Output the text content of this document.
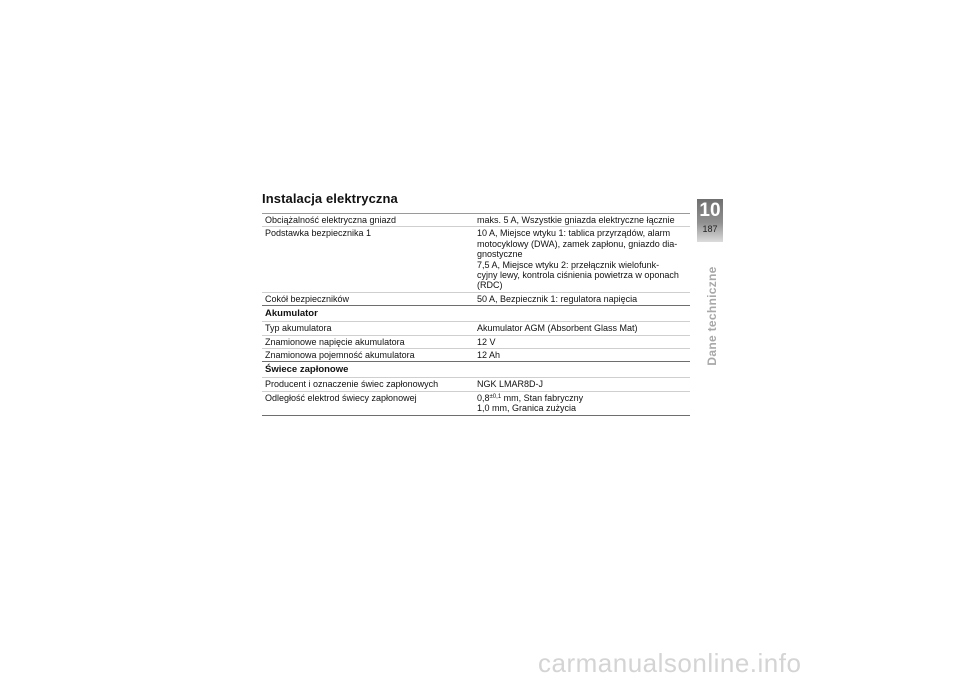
Instalacja elektryczna
Obciążalność elektryczna gniazd	maks. 5 A, Wszystkie gniazda elektryczne łącznie
Podstawka bezpiecznika 1	10 A, Miejsce wtyku 1: tablica przyrządów, alarm
motocyklowy (DWA), zamek zapłonu, gniazdo dia-
gnostyczne
7,5 A, Miejsce wtyku 2: przełącznik wielofunk-
cyjny lewy, kontrola ciśnienia powietrza w oponach
(RDC)
Cokół bezpieczników	50 A, Bezpiecznik 1: regulatora napięcia
Akumulator
Typ akumulatora	Akumulator AGM (Absorbent Glass Mat)
Znamionowe napięcie akumulatora	12 V
Znamionowa pojemność akumulatora	12 Ah
Świece zapłonowe
Producent i oznaczenie świec zapłonowych	NGK LMAR8D-J
Odległość elektrod świecy zapłonowej	$0,8^{\pm 0,1}$ mm, Stan fabryczny
1,0 mm, Granica zużycia
10
187
Dane techniczne
carmanualsonline.info
